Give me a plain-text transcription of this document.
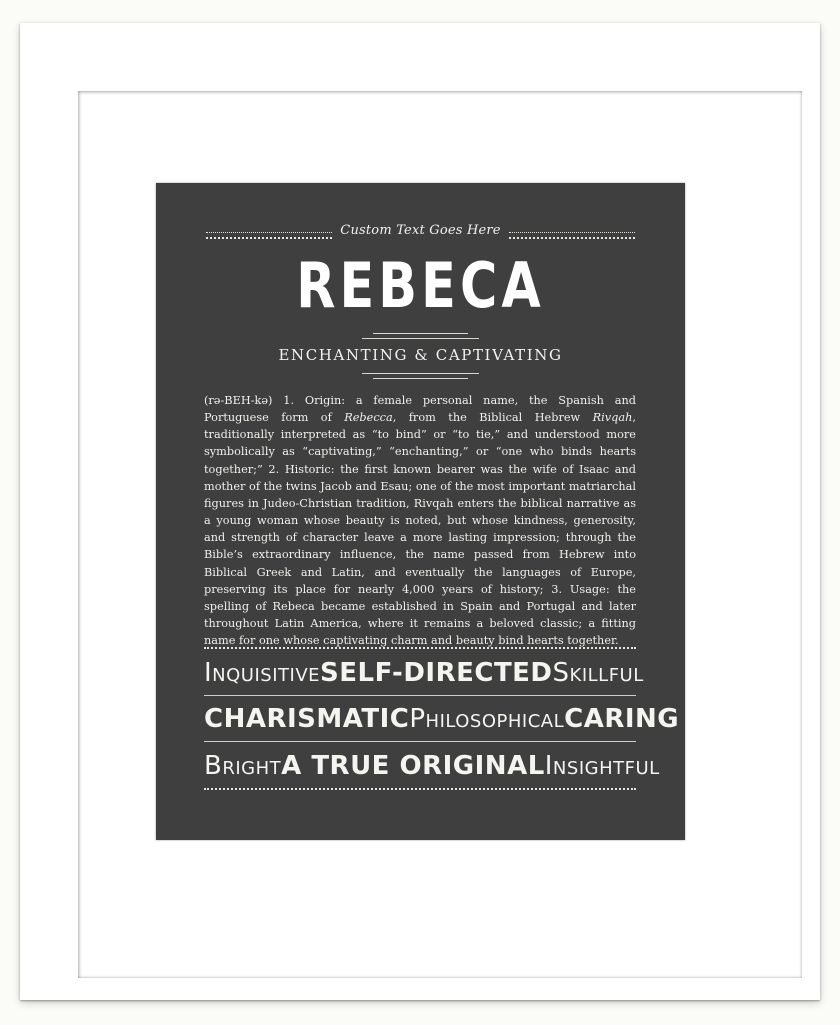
Custom Text Goes Here
REBECA
ENCHANTING & CAPTIVATING
(rə-BEH-kə) 1. Origin: a female personal name, the Spanish and Portuguese form of Rebecca, from the Biblical Hebrew Rivqah, traditionally interpreted as “to bind” or “to tie,” and understood more symbolically as “captivating,” “enchanting,” or “one who binds hearts together;” 2. Historic: the first known bearer was the wife of Isaac and mother of the twins Jacob and Esau; one of the most important matriarchal figures in Judeo-Christian tradition, Rivqah enters the biblical narrative as a young woman whose beauty is noted, but whose kindness, generosity, and strength of character leave a more lasting impression; through the Bible’s extraordinary influence, the name passed from Hebrew into Biblical Greek and Latin, and eventually the languages of Europe, preserving its place for nearly 4,000 years of history; 3. Usage: the spelling of Rebeca became established in Spain and Portugal and later throughout Latin America, where it remains a beloved classic; a fitting name for one whose captivating charm and beauty bind hearts together.
Inquisitive SELF-DIRECTED Skillful
CHARISMATIC Philosophical CARING
Bright A TRUE ORIGINAL Insightful
